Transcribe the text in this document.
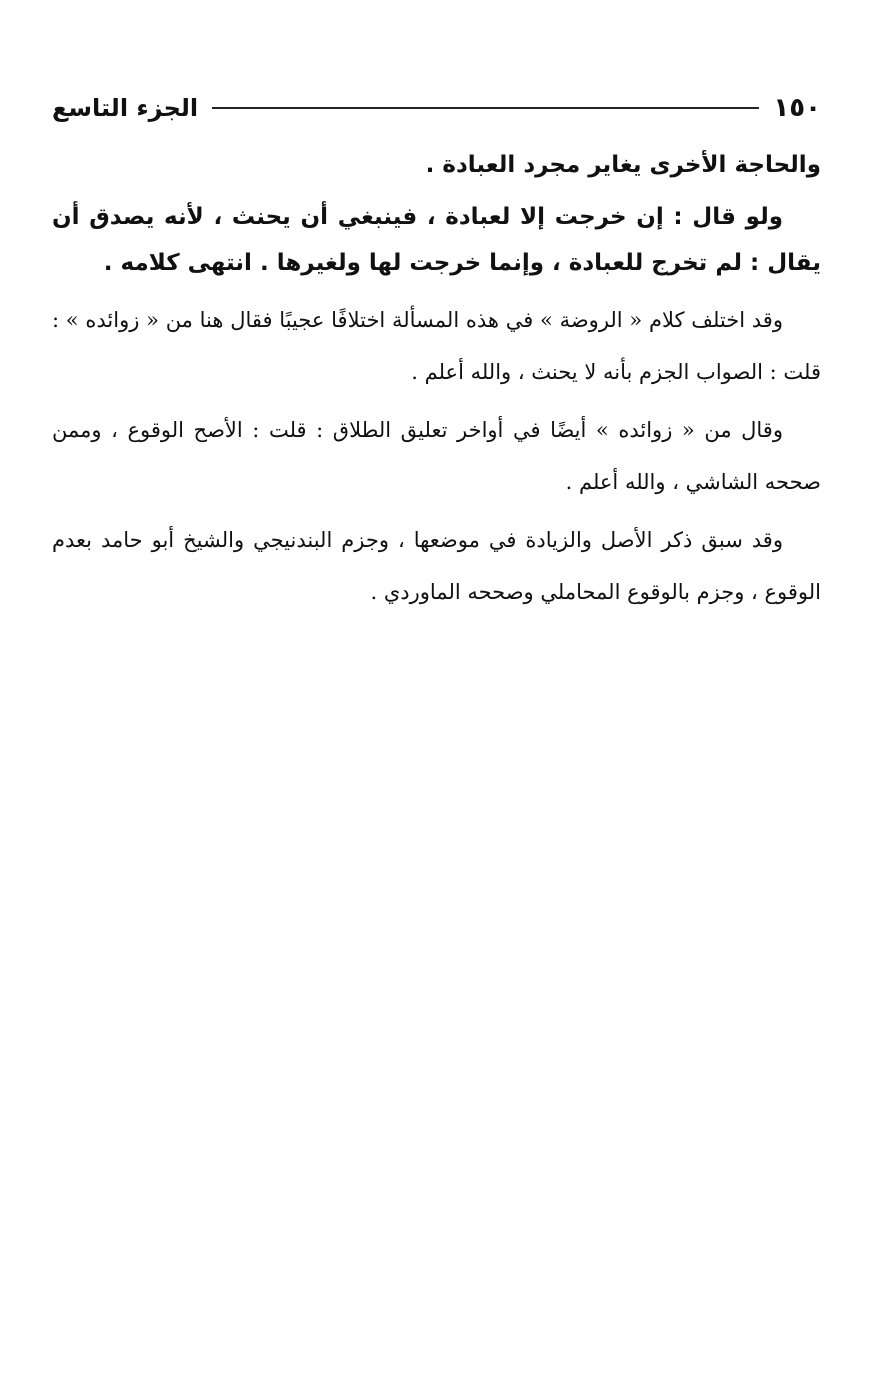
١٥٠
الجزء التاسع

والحاجة الأخرى يغاير مجرد العبادة .

ولو قال : إن خرجت إلا لعبادة ، فينبغي أن يحنث ، لأنه يصدق أن يقال : لم تخرج للعبادة ، وإنما خرجت لها ولغيرها . انتهى كلامه .

وقد اختلف كلام « الروضة » في هذه المسألة اختلافًا عجيبًا فقال هنا من « زوائده » : قلت : الصواب الجزم بأنه لا يحنث ، والله أعلم .

وقال من « زوائده » أيضًا في أواخر تعليق الطلاق : قلت : الأصح الوقوع ، وممن صححه الشاشي ، والله أعلم .

وقد سبق ذكر الأصل والزيادة في موضعها ، وجزم البندنيجي والشيخ أبو حامد بعدم الوقوع ، وجزم بالوقوع المحاملي وصححه الماوردي .
